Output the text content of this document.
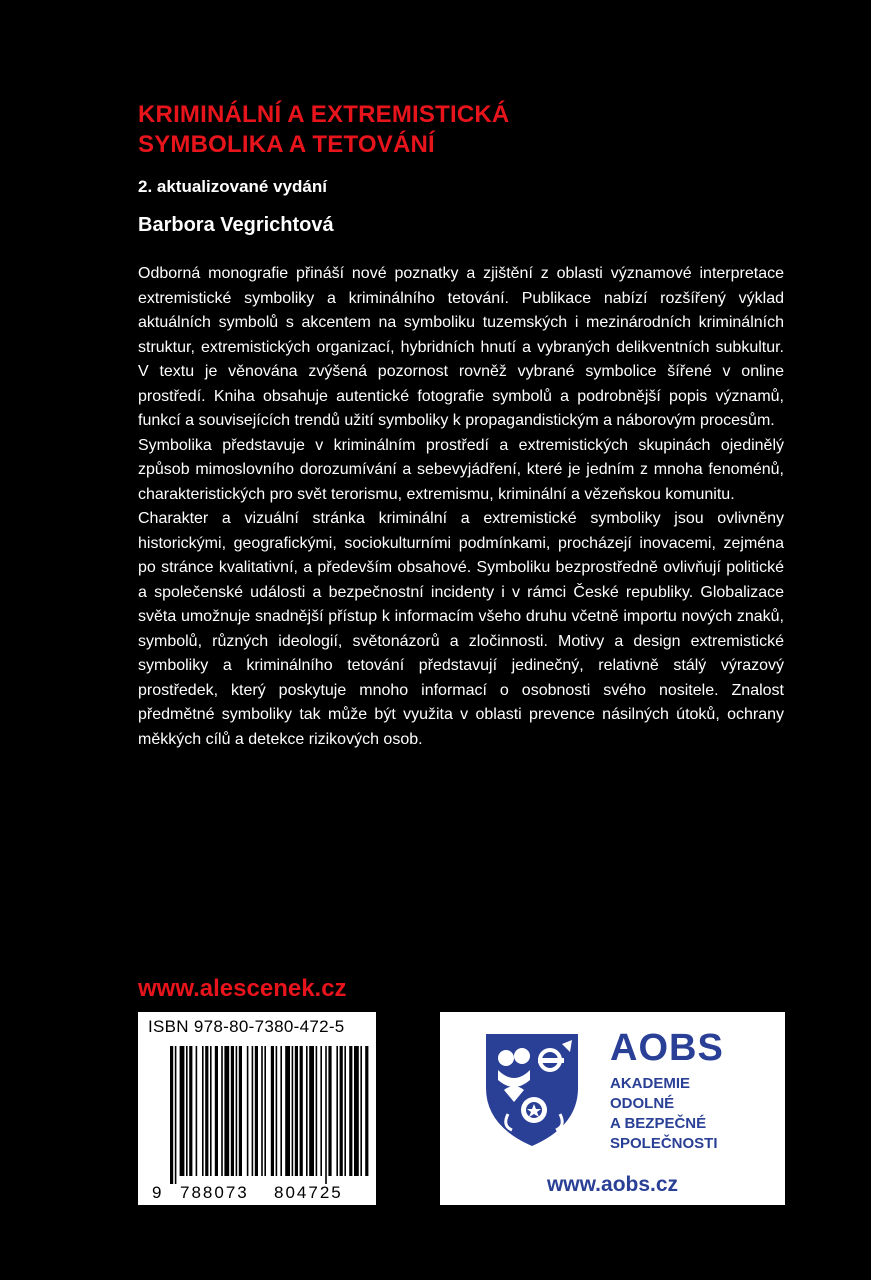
KRIMINÁLNÍ A EXTREMISTICKÁ
SYMBOLIKA A TETOVÁNÍ
2. aktualizované vydání
Barbora Vegrichtová

Odborná monografie přináší nové poznatky a zjištění z oblasti významové interpretace extremistické symboliky a kriminálního tetování. Publikace nabízí rozšířený výklad aktuálních symbolů s akcentem na symboliku tuzemských i mezinárodních kriminálních struktur, extremistických organizací, hybridních hnutí a vybraných delikventních subkultur. V textu je věnována zvýšená pozornost rovněž vybrané symbolice šířené v online prostředí. Kniha obsahuje autentické fotografie symbolů a podrobnější popis významů, funkcí a souvisejících trendů užití symboliky k propagandistickým a náborovým procesům.

Symbolika představuje v kriminálním prostředí a extremistických skupinách ojedinělý způsob mimoslovního dorozumívání a sebevyjádření, které je jedním z mnoha fenoménů, charakteristických pro svět terorismu, extremismu, kriminální a vězeňskou komunitu.

Charakter a vizuální stránka kriminální a extremistické symboliky jsou ovlivněny historickými, geografickými, sociokulturními podmínkami, procházejí inovacemi, zejména po stránce kvalitativní, a především obsahové. Symboliku bezprostředně ovlivňují politické a společenské události a bezpečnostní incidenty i v rámci České republiky. Globalizace světa umožnuje snadnější přístup k informacím všeho druhu včetně importu nových znaků, symbolů, různých ideologií, světonázorů a zločinnosti. Motivy a design extremistické symboliky a kriminálního tetování představují jedinečný, relativně stálý výrazový prostředek, který poskytuje mnoho informací o osobnosti svého nositele. Znalost předmětné symboliky tak může být využita v oblasti prevence násilných útoků, ochrany měkkých cílů a detekce rizikových osob.

www.alescenek.cz
ISBN 978-80-7380-472-5
9 788073 804725
AOBS
AKADEMIE
ODOLNÉ
A BEZPEČNÉ
SPOLEČNOSTI
www.aobs.cz
